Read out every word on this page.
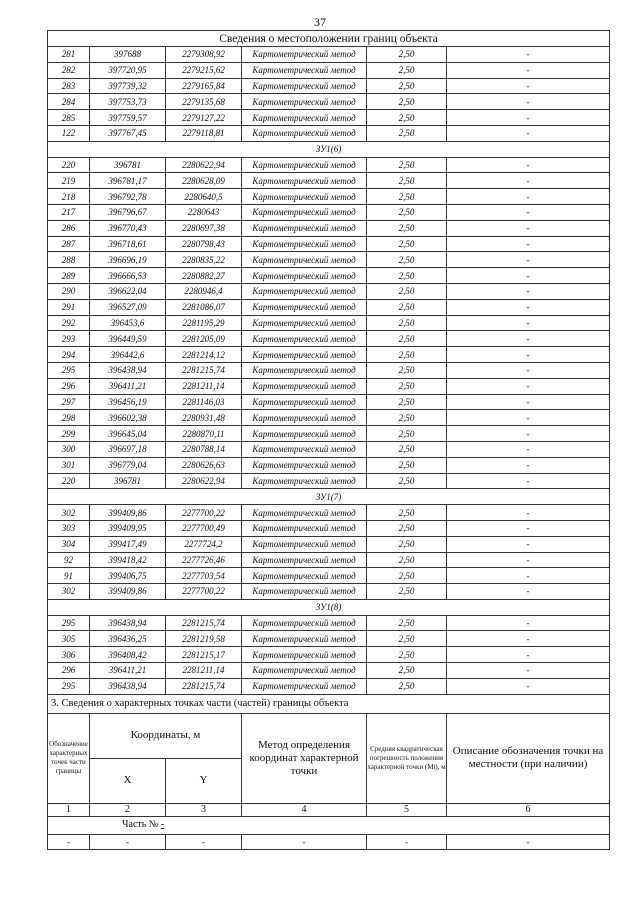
37
Сведения о местоположении границ объекта					
281	397688	2279308,92	Картометрический метод	2,50	-
282	397720,95	2279215,62	Картометрический метод	2,50	-
283	397739,32	2279165,84	Картометрический метод	2,50	-
284	397753,73	2279135,68	Картометрический метод	2,50	-
285	397759,57	2279127,22	Картометрический метод	2,50	-
122	397767,45	2279118,81	Картометрический метод	2,50	-
ЗУ1(6)					
220	396781	2280622,94	Картометрический метод	2,50	-
219	396781,17	2280628,09	Картометрический метод	2,50	-
218	396792,78	2280640,5	Картометрический метод	2,50	-
217	396796,67	2280643	Картометрический метод	2,50	-
286	396770,43	2280697,38	Картометрический метод	2,50	-
287	396718,61	2280798,43	Картометрический метод	2,50	-
288	396696,19	2280835,22	Картометрический метод	2,50	-
289	396666,53	2280882,27	Картометрический метод	2,50	-
290	396622,04	2280946,4	Картометрический метод	2,50	-
291	396527,09	2281086,07	Картометрический метод	2,50	-
292	396453,6	2281195,29	Картометрический метод	2,50	-
293	396449,59	2281205,09	Картометрический метод	2,50	-
294	396442,6	2281214,12	Картометрический метод	2,50	-
295	396438,94	2281215,74	Картометрический метод	2,50	-
296	396411,21	2281211,14	Картометрический метод	2,50	-
297	396456,19	2281146,03	Картометрический метод	2,50	-
298	396602,38	2280931,48	Картометрический метод	2,50	-
299	396645,04	2280870,11	Картометрический метод	2,50	-
300	396697,18	2280788,14	Картометрический метод	2,50	-
301	396779,04	2280626,63	Картометрический метод	2,50	-
220	396781	2280622,94	Картометрический метод	2,50	-
ЗУ1(7)					
302	399409,86	2277700,22	Картометрический метод	2,50	-
303	399409,95	2277700,49	Картометрический метод	2,50	-
304	399417,49	2277724,2	Картометрический метод	2,50	-
92	399418,42	2277726,46	Картометрический метод	2,50	-
91	399406,75	2277703,54	Картометрический метод	2,50	-
302	399409,86	2277700,22	Картометрический метод	2,50	-
ЗУ1(8)					
295	396438,94	2281215,74	Картометрический метод	2,50	-
305	396436,25	2281219,58	Картометрический метод	2,50	-
306	396408,42	2281215,17	Картометрический метод	2,50	-
296	396411,21	2281211,14	Картометрический метод	2,50	-
295	396438,94	2281215,74	Картометрический метод	2,50	-
3. Сведения о характерных точках части (частей) границы объекта					
Обозначение характерных точек части границы	Координаты, м		Метод определения координат характерной точки	Средняя квадратическая погрешность положения характерной точки (Mt), м	Описание обозначения точки на местности (при наличии)
	X	Y			
1	2	3	4	5	6
Часть № -					
-	-	-	-	-	-
